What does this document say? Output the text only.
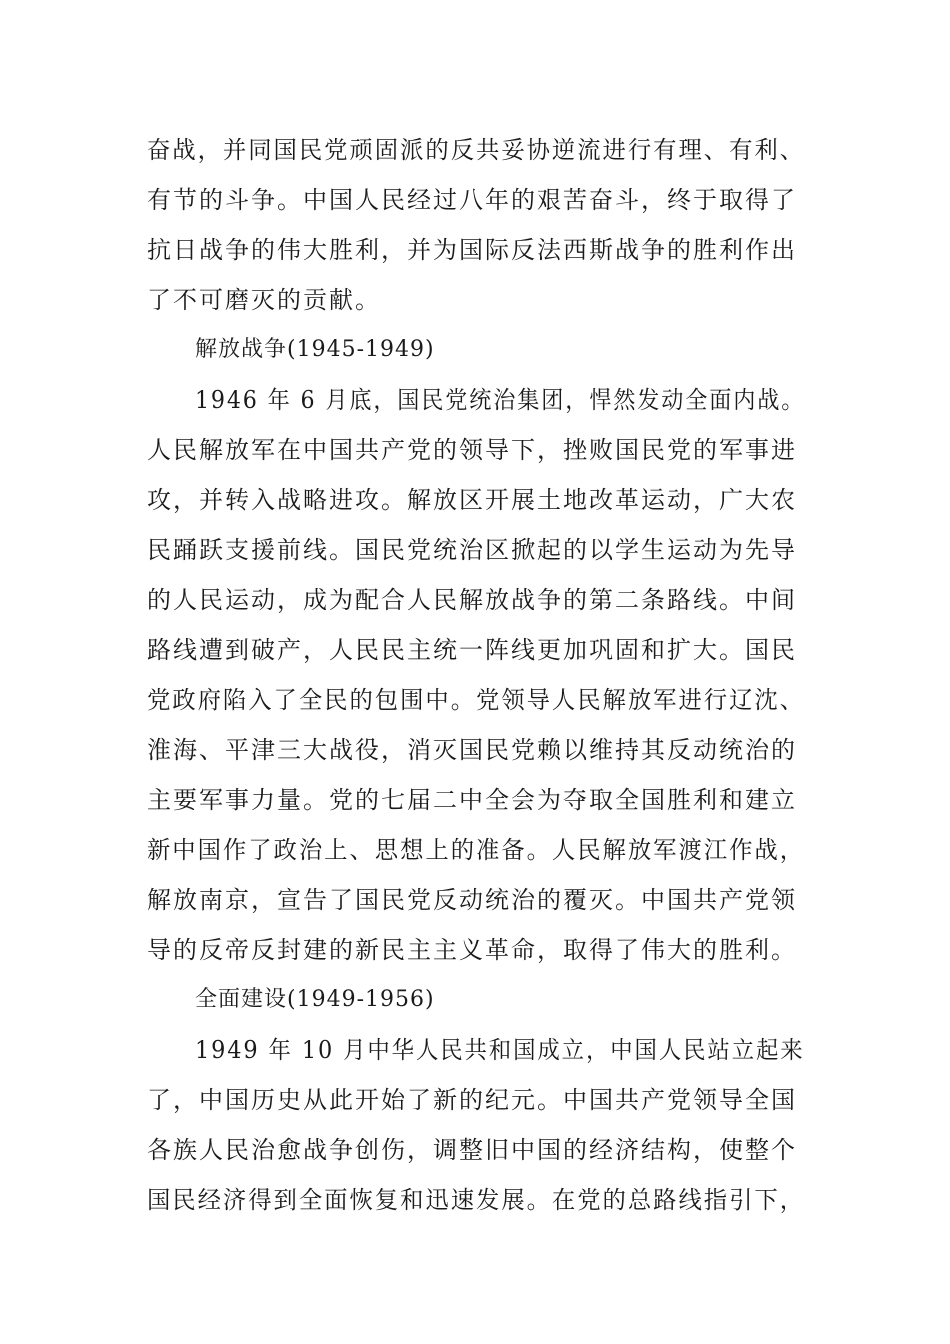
奋战，并同国民党顽固派的反共妥协逆流进行有理、有利、
有节的斗争。中国人民经过八年的艰苦奋斗，终于取得了
抗日战争的伟大胜利，并为国际反法西斯战争的胜利作出
了不可磨灭的贡献。
解放战争(1945-1949)
1946 年 6 月底，国民党统治集团，悍然发动全面内战。
人民解放军在中国共产党的领导下，挫败国民党的军事进
攻，并转入战略进攻。解放区开展土地改革运动，广大农
民踊跃支援前线。国民党统治区掀起的以学生运动为先导
的人民运动，成为配合人民解放战争的第二条路线。中间
路线遭到破产，人民民主统一阵线更加巩固和扩大。国民
党政府陷入了全民的包围中。党领导人民解放军进行辽沈、
淮海、平津三大战役，消灭国民党赖以维持其反动统治的
主要军事力量。党的七届二中全会为夺取全国胜利和建立
新中国作了政治上、思想上的准备。人民解放军渡江作战，
解放南京，宣告了国民党反动统治的覆灭。中国共产党领
导的反帝反封建的新民主主义革命，取得了伟大的胜利。
全面建设(1949-1956)
1949 年 10 月中华人民共和国成立，中国人民站立起来
了，中国历史从此开始了新的纪元。中国共产党领导全国
各族人民治愈战争创伤，调整旧中国的经济结构，使整个
国民经济得到全面恢复和迅速发展。在党的总路线指引下，
